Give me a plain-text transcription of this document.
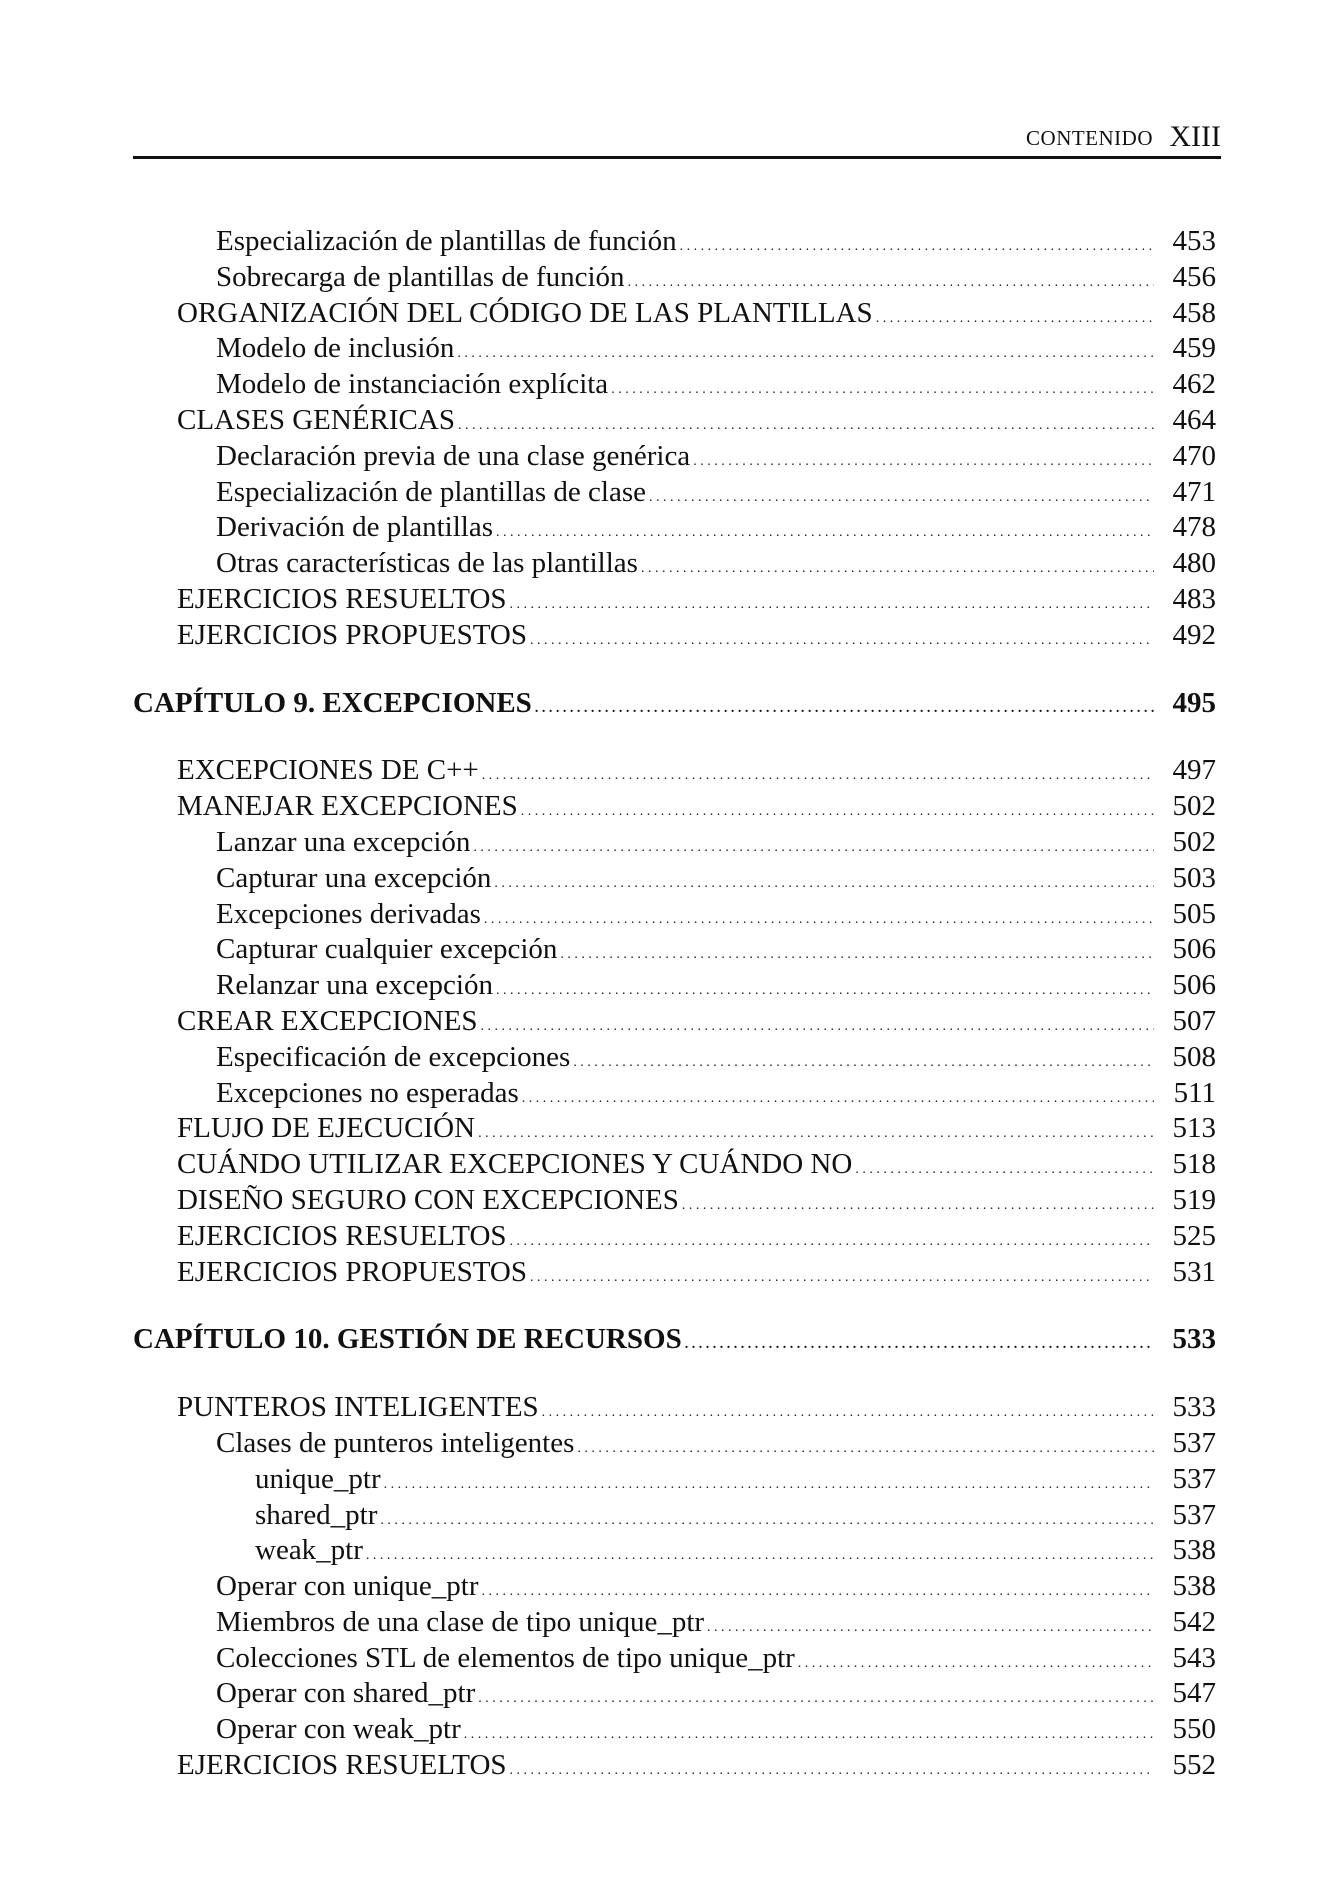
CONTENIDO XIII
Especialización de plantillas de función . . .	453
Sobrecarga de plantillas de función . . .	456
ORGANIZACIÓN DEL CÓDIGO DE LAS PLANTILLAS . . .	458
Modelo de inclusión . . .	459
Modelo de instanciación explícita . . .	462
CLASES GENÉRICAS . . .	464
Declaración previa de una clase genérica . . .	470
Especialización de plantillas de clase . . .	471
Derivación de plantillas . . .	478
Otras características de las plantillas . . .	480
EJERCICIOS RESUELTOS . . .	483
EJERCICIOS PROPUESTOS . . .	492
CAPÍTULO 9. EXCEPCIONES . . .	495
EXCEPCIONES DE C++ . . .	497
MANEJAR EXCEPCIONES . . .	502
Lanzar una excepción . . .	502
Capturar una excepción . . .	503
Excepciones derivadas . . .	505
Capturar cualquier excepción . . .	506
Relanzar una excepción . . .	506
CREAR EXCEPCIONES . . .	507
Especificación de excepciones . . .	508
Excepciones no esperadas . . .	511
FLUJO DE EJECUCIÓN . . .	513
CUÁNDO UTILIZAR EXCEPCIONES Y CUÁNDO NO . . .	518
DISEÑO SEGURO CON EXCEPCIONES . . .	519
EJERCICIOS RESUELTOS . . .	525
EJERCICIOS PROPUESTOS . . .	531
CAPÍTULO 10. GESTIÓN DE RECURSOS . . .	533
PUNTEROS INTELIGENTES . . .	533
Clases de punteros inteligentes . . .	537
unique_ptr . . .	537
shared_ptr . . .	537
weak_ptr . . .	538
Operar con unique_ptr . . .	538
Miembros de una clase de tipo unique_ptr . . .	542
Colecciones STL de elementos de tipo unique_ptr . . .	543
Operar con shared_ptr . . .	547
Operar con weak_ptr . . .	550
EJERCICIOS RESUELTOS . . .	552
